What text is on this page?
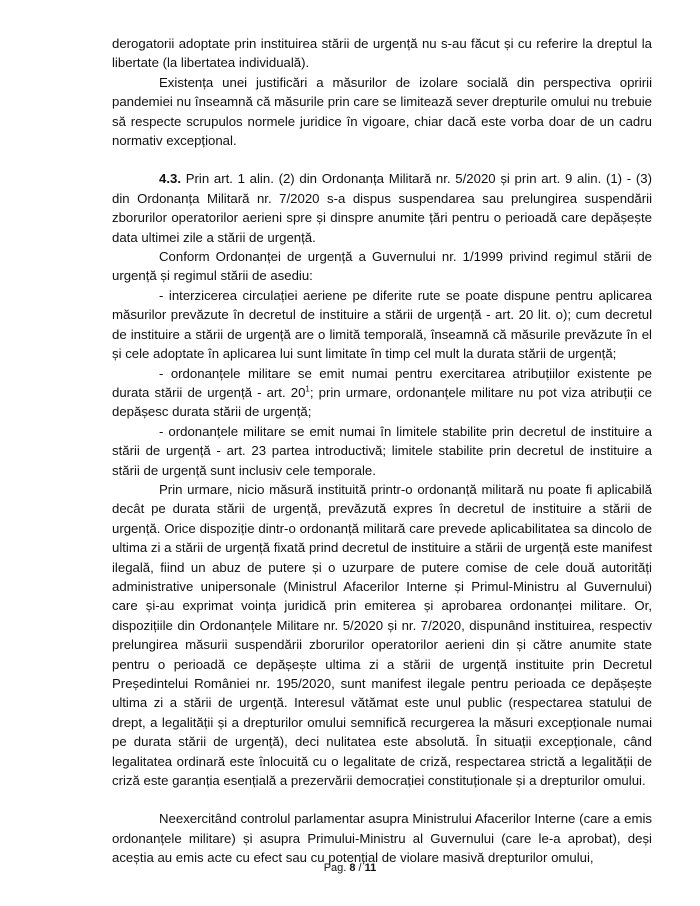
derogatorii adoptate prin instituirea stării de urgență nu s-au făcut și cu referire la dreptul la libertate (la libertatea individuală).

Existența unei justificări a măsurilor de izolare socială din perspectiva opririi pandemiei nu înseamnă că măsurile prin care se limitează sever drepturile omului nu trebuie să respecte scrupulos normele juridice în vigoare, chiar dacă este vorba doar de un cadru normativ excepțional.

4.3. Prin art. 1 alin. (2) din Ordonanța Militară nr. 5/2020 și prin art. 9 alin. (1) - (3) din Ordonanța Militară nr. 7/2020 s-a dispus suspendarea sau prelungirea suspendării zborurilor operatorilor aerieni spre și dinspre anumite țări pentru o perioadă care depășește data ultimei zile a stării de urgență.

Conform Ordonanței de urgență a Guvernului nr. 1/1999 privind regimul stării de urgență și regimul stării de asediu:

- interzicerea circulației aeriene pe diferite rute se poate dispune pentru aplicarea măsurilor prevăzute în decretul de instituire a stării de urgență - art. 20 lit. o); cum decretul de instituire a stării de urgență are o limită temporală, înseamnă că măsurile prevăzute în el și cele adoptate în aplicarea lui sunt limitate în timp cel mult la durata stării de urgență;

- ordonanțele militare se emit numai pentru exercitarea atribuțiilor existente pe durata stării de urgență - art. $20^1$; prin urmare, ordonanțele militare nu pot viza atribuții ce depășesc durata stării de urgență;

- ordonanțele militare se emit numai în limitele stabilite prin decretul de instituire a stării de urgență - art. 23 partea introductivă; limitele stabilite prin decretul de instituire a stării de urgență sunt inclusiv cele temporale.

Prin urmare, nicio măsură instituită printr-o ordonanță militară nu poate fi aplicabilă decât pe durata stării de urgență, prevăzută expres în decretul de instituire a stării de urgență. Orice dispoziție dintr-o ordonanță militară care prevede aplicabilitatea sa dincolo de ultima zi a stării de urgență fixată prind decretul de instituire a stării de urgență este manifest ilegală, fiind un abuz de putere și o uzurpare de putere comise de cele două autorități administrative unipersonale (Ministrul Afacerilor Interne și Primul-Ministru al Guvernului) care și-au exprimat voința juridică prin emiterea și aprobarea ordonanței militare. Or, dispozițiile din Ordonanțele Militare nr. 5/2020 și nr. 7/2020, dispunând instituirea, respectiv prelungirea măsurii suspendării zborurilor operatorilor aerieni din și către anumite state pentru o perioadă ce depășește ultima zi a stării de urgență instituite prin Decretul Președintelui României nr. 195/2020, sunt manifest ilegale pentru perioada ce depășește ultima zi a stării de urgență. Interesul vătămat este unul public (respectarea statului de drept, a legalității și a drepturilor omului semnifică recurgerea la măsuri excepționale numai pe durata stării de urgență), deci nulitatea este absolută. În situații excepționale, când legalitatea ordinară este înlocuită cu o legalitate de criză, respectarea strictă a legalității de criză este garanția esențială a prezervării democrației constituționale și a drepturilor omului.

Neexercitând controlul parlamentar asupra Ministrului Afacerilor Interne (care a emis ordonanțele militare) și asupra Primului-Ministru al Guvernului (care le-a aprobat), deși aceștia au emis acte cu efect sau cu potențial de violare masivă drepturilor omului,

Pag. 8 / 11
